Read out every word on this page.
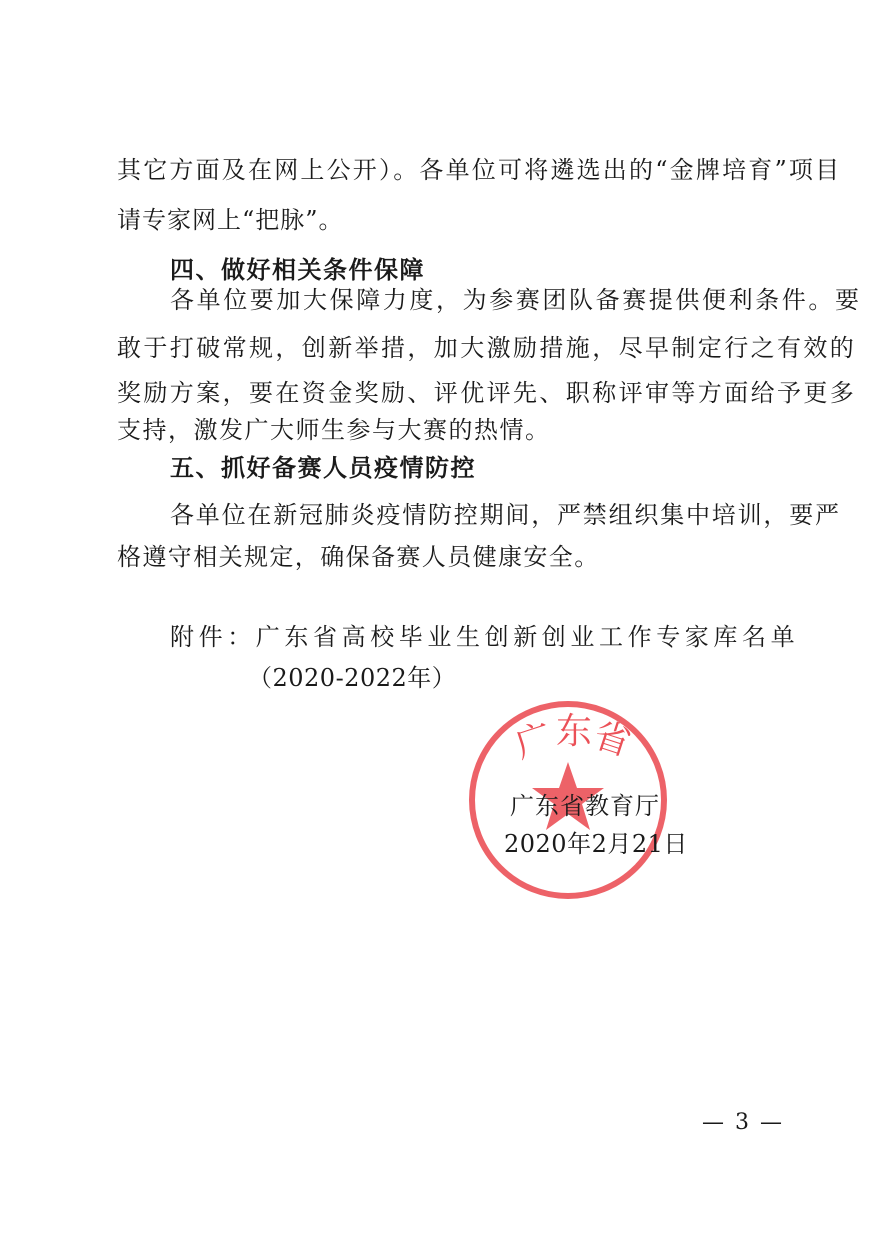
其它方面及在网上公开）。各单位可将遴选出的“金牌培育”项目
请专家网上“把脉”。
四、做好相关条件保障
各单位要加大保障力度，为参赛团队备赛提供便利条件。要
敢于打破常规，创新举措，加大激励措施，尽早制定行之有效的
奖励方案，要在资金奖励、评优评先、职称评审等方面给予更多
支持，激发广大师生参与大赛的热情。
五、抓好备赛人员疫情防控
各单位在新冠肺炎疫情防控期间，严禁组织集中培训，要严
格遵守相关规定，确保备赛人员健康安全。
附件：广东省高校毕业生创新创业工作专家库名单
（2020-2022年）
广
东
省
广东省教育厅
2020年2月21日
— 3 —
